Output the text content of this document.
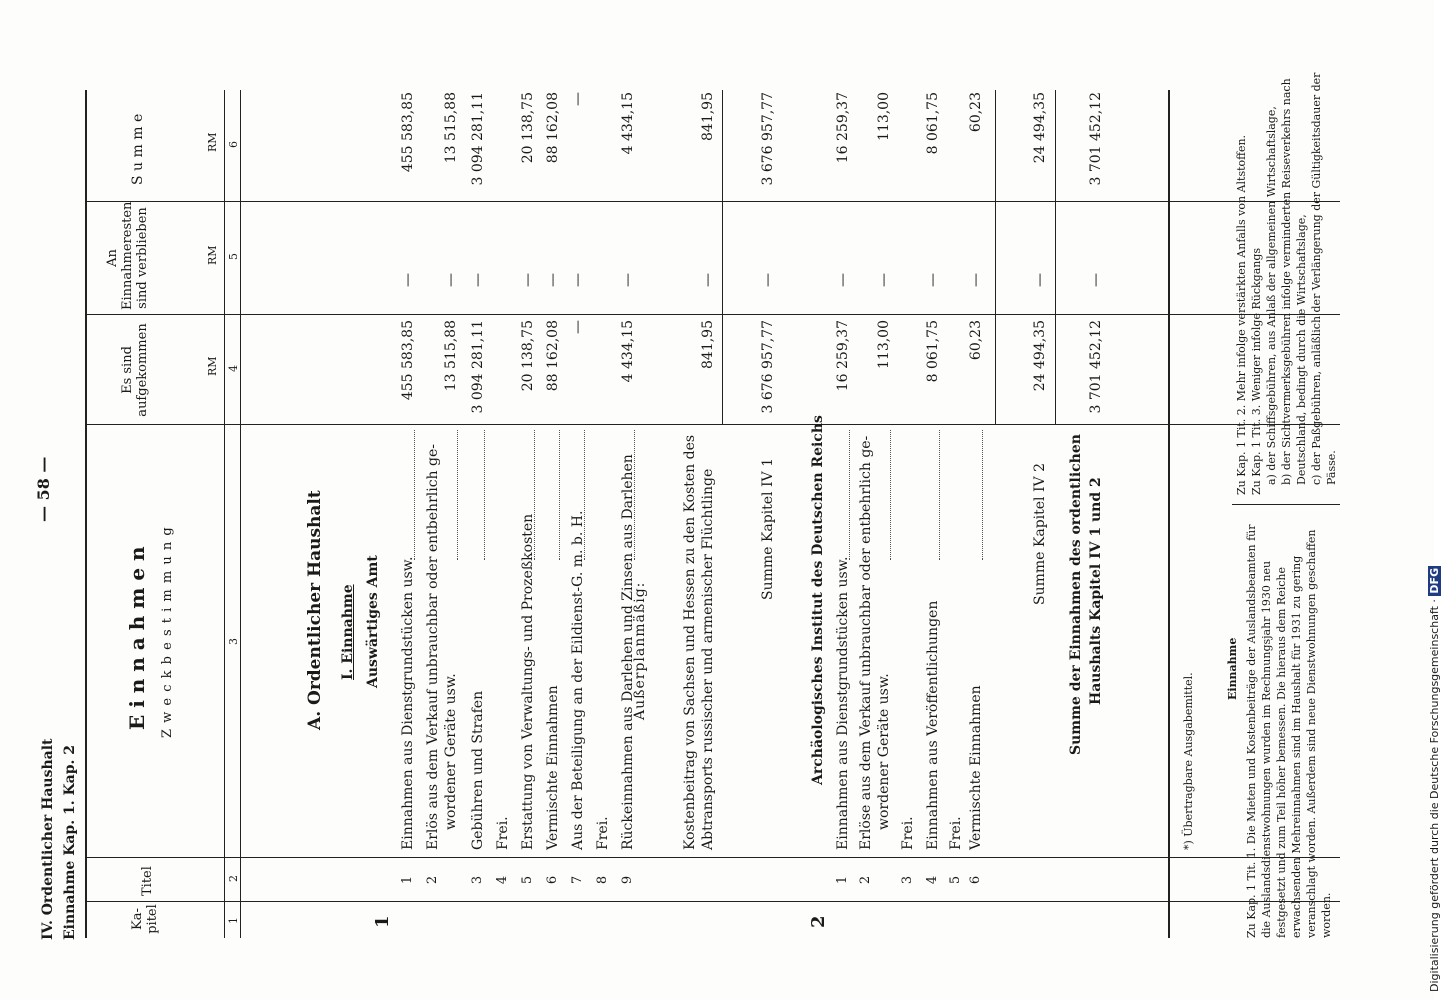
Digitalisierung gefördert durch die Deutsche Forschungsgemeinschaft · DFG
IV. Ordentlicher Haushalt Einnahme Kap. 1. Kap. 2
— 58 —
Ka-
pitel
Titel
E i n n a h m e n Z w e c k b e s t i m m u n g
Es sind
aufgekommen
An
Einnahmeresten
sind verblieben
S u m m e
RM
RM
RM
1
2
3
4
5
6
A. Ordentlicher Haushalt I. Einnahme Auswärtiges Amt
1
1
Einnahmen aus Dienstgrundstücken usw.
455 583,85
—
455 583,85
2
Erlös aus dem Verkauf unbrauchbar oder entbehrlich ge- wordener Geräte usw.
13 515,88
—
13 515,88
3
Gebühren und Strafen
3 094 281,11
—
3 094 281,11
4
Frei.
5
Erstattung von Verwaltungs- und Prozeßkosten
20 138,75
—
20 138,75
6
Vermischte Einnahmen
88 162,08
—
88 162,08
7
Aus der Beteiligung an der Eildienst-G. m. b. H.
—
—
—
8
Frei.
9
Rückeinnahmen aus Darlehen und Zinsen aus Darlehen
4 434,15
—
4 434,15
Außerplanmäßig: Kostenbeitrag von Sachsen und Hessen zu den Kosten des Abtransports russischer und armenischer Flüchtlinge
841,95
—
841,95
Summe Kapitel IV 1
3 676 957,77
—
3 676 957,77
2
Archäologisches Institut des Deutschen Reichs
1
Einnahmen aus Dienstgrundstücken usw.
16 259,37
—
16 259,37
2
Erlöse aus dem Verkauf unbrauchbar oder entbehrlich ge- wordener Geräte usw.
113,00
—
113,00
3
Frei.
4
Einnahmen aus Veröffentlichungen
8 061,75
—
8 061,75
5
Frei.
6
Vermischte Einnahmen
60,23
—
60,23
Summe Kapitel IV 2
24 494,35
—
24 494,35
Summe der Einnahmen des ordentlichen Haushalts Kapitel IV 1 und 2
3 701 452,12
—
3 701 452,12
*) Übertragbare Ausgabemittel.
Einnahme Zu Kap. 1 Tit. 1. Die Mieten und Kostenbeiträge der Auslandsbeamten für die Auslandsdienstwohnungen wurden im Rechnungsjahr 1930 neu festgesetzt und zum Teil höher bemessen. Die hieraus dem Reiche erwachsenden Mehreinnahmen sind im Haushalt für 1931 zu gering veranschlagt worden. Außerdem sind neue Dienstwohnungen geschaffen worden.
Zu Kap. 1 Tit. 2. Mehr infolge verstärkten Anfalls von Altstoffen. Zu Kap. 1 Tit. 3. Weniger infolge Rückgangs a) der Schiffsgebühren, aus Anlaß der allgemeinen Wirtschaftslage, b) der Sichtvermerksgebühren infolge verminderten Reiseverkehrs nach Deutschland, bedingt durch die Wirtschaftslage, c) der Paßgebühren, anläßlich der Verlängerung der Gültigkeitsdauer der Pässe.
